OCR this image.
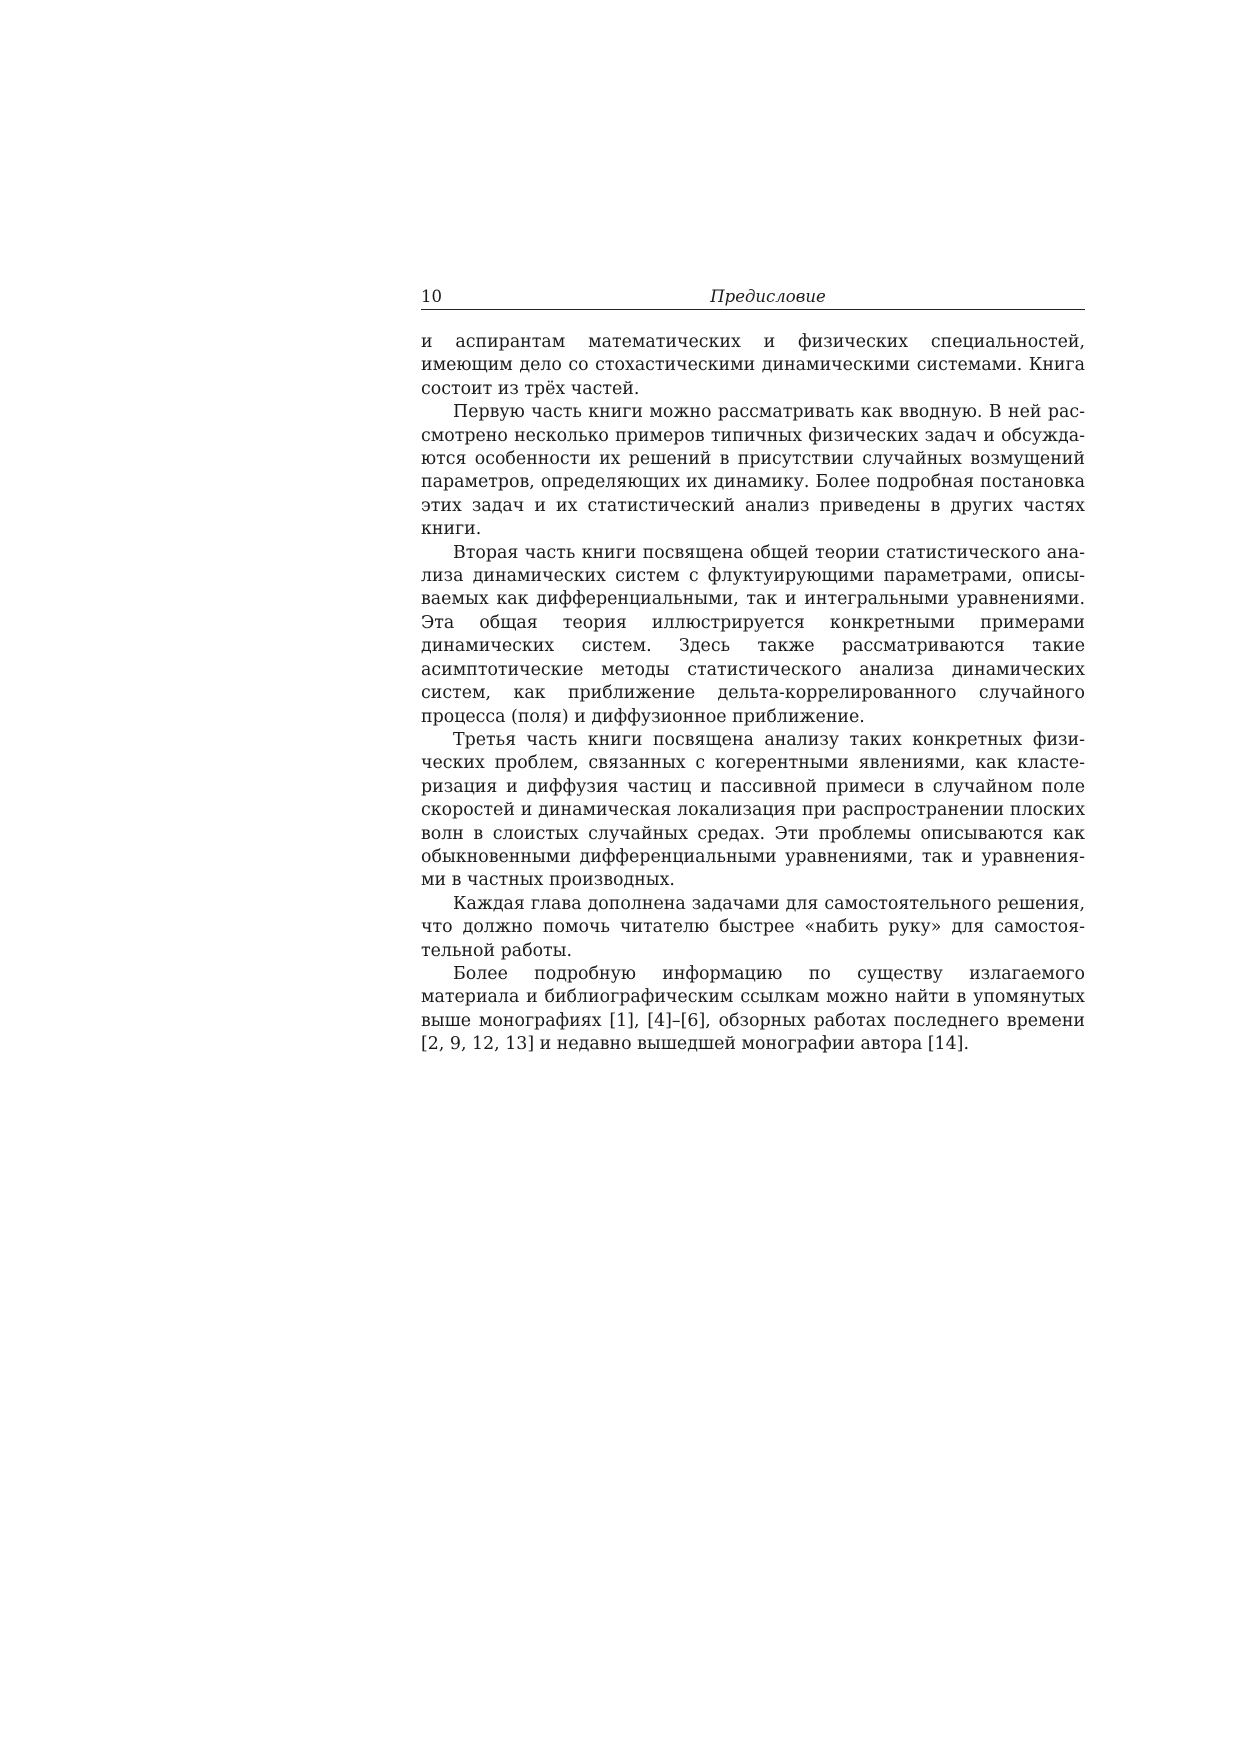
10	Предисловие

и аспирантам математических и физических специальностей, имеющим дело со стохастическими динамическими системами. Книга состоит из трёх частей.

Первую часть книги можно рассматривать как вводную. В ней рассмотрено несколько примеров типичных физических задач и обсуждаются особенности их решений в присутствии случайных возмущений параметров, определяющих их динамику. Более подробная постановка этих задач и их статистический анализ приведены в других частях книги.

Вторая часть книги посвящена общей теории статистического анализа динамических систем с флуктуирующими параметрами, описываемых как дифференциальными, так и интегральными уравнениями. Эта общая теория иллюстрируется конкретными примерами динамических систем. Здесь также рассматриваются такие асимптотические методы статистического анализа динамических систем, как приближение дельта-коррелированного случайного процесса (поля) и диффузионное приближение.

Третья часть книги посвящена анализу таких конкретных физических проблем, связанных с когерентными явлениями, как кластеризация и диффузия частиц и пассивной примеси в случайном поле скоростей и динамическая локализация при распространении плоских волн в слоистых случайных средах. Эти проблемы описываются как обыкновенными дифференциальными уравнениями, так и уравнениями в частных производных.

Каждая глава дополнена задачами для самостоятельного решения, что должно помочь читателю быстрее «набить руку» для самостоятельной работы.

Более подробную информацию по существу излагаемого материала и библиографическим ссылкам можно найти в упомянутых выше монографиях [1], [4]–[6], обзорных работах последнего времени [2, 9, 12, 13] и недавно вышедшей монографии автора [14].
